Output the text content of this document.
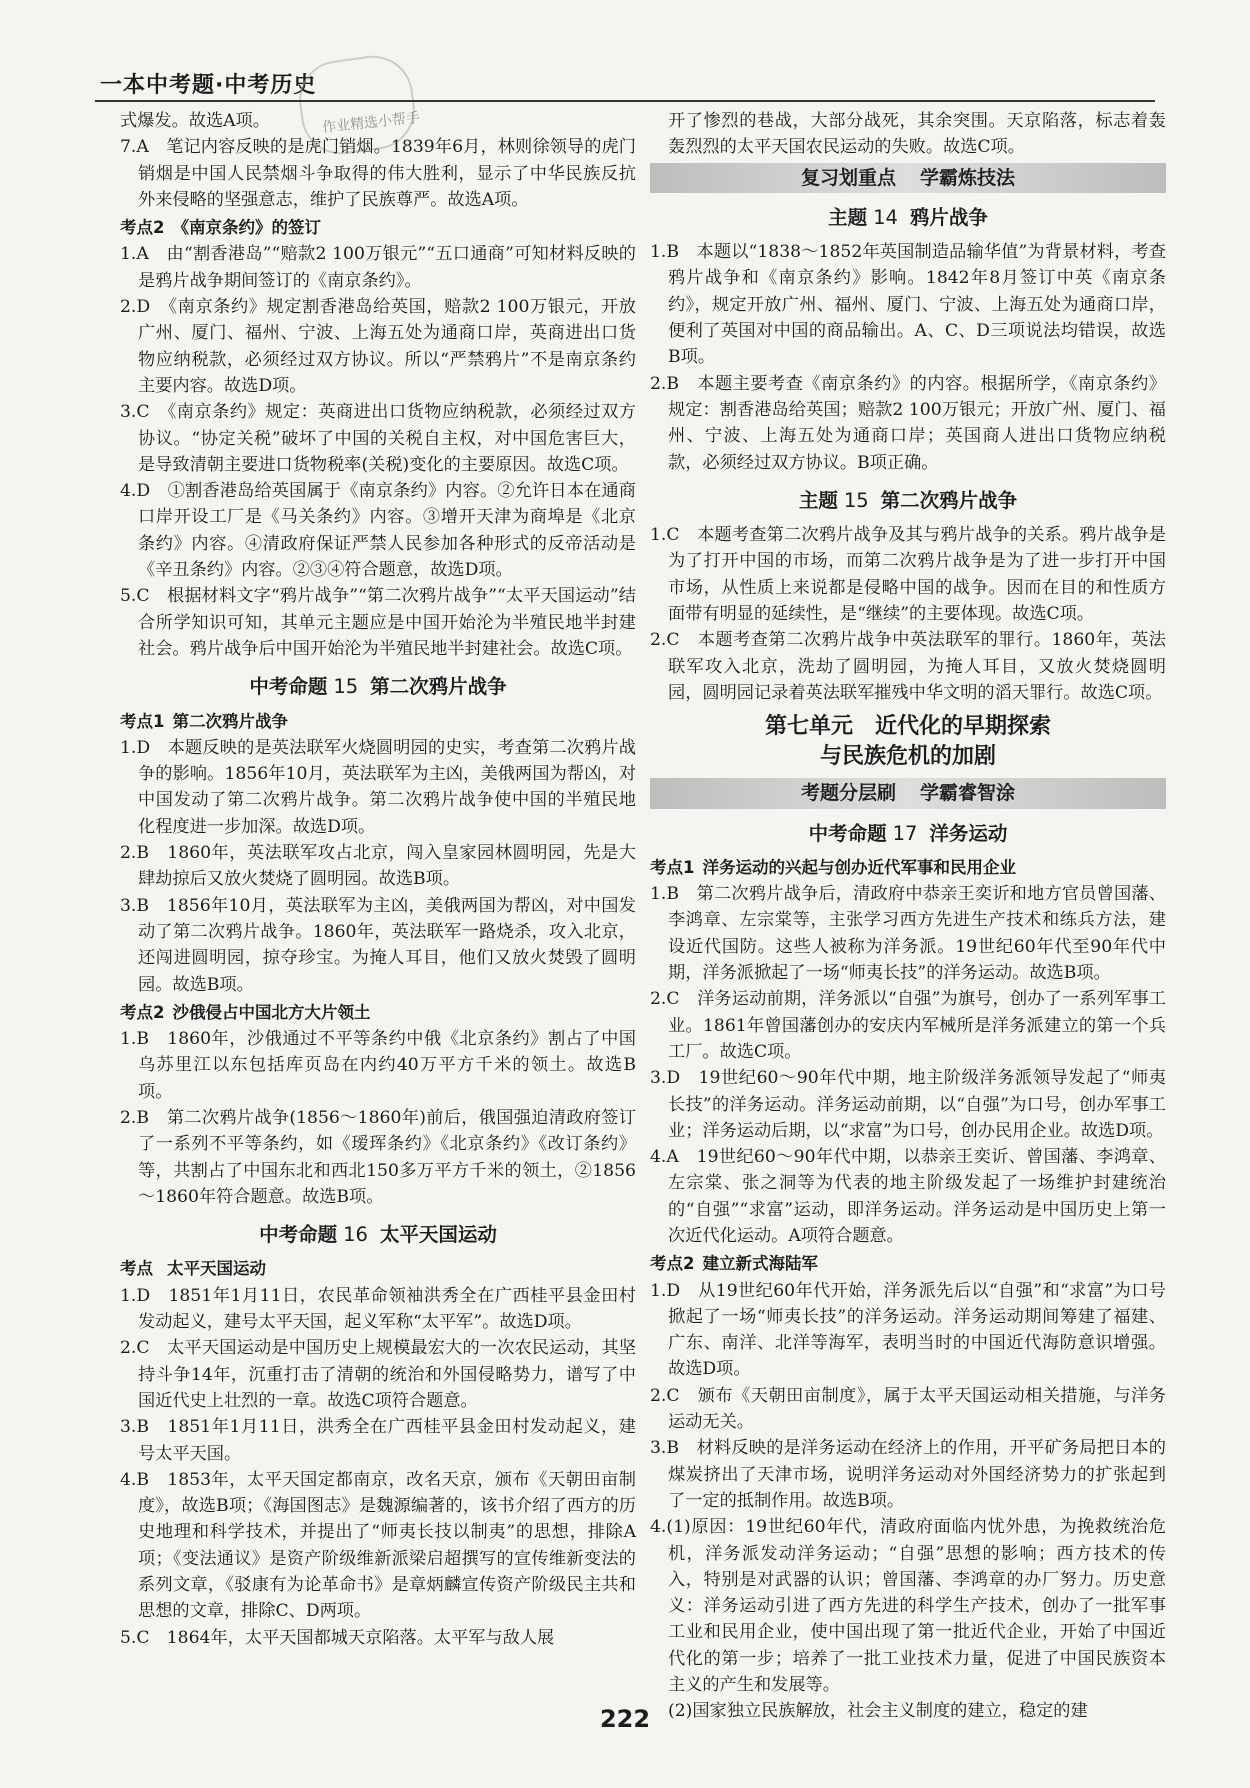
一本中考题·中考历史
作业精选小帮手

式爆发。故选A项。

7.A　笔记内容反映的是虎门销烟。1839年6月，林则徐领导的虎门销烟是中国人民禁烟斗争取得的伟大胜利，显示了中华民族反抗外来侵略的坚强意志，维护了民族尊严。故选A项。

考点2 《南京条约》的签订

1.A　由“割香港岛”“赔款2 100万银元”“五口通商”可知材料反映的是鸦片战争期间签订的《南京条约》。

2.D　《南京条约》规定割香港岛给英国，赔款2 100万银元，开放广州、厦门、福州、宁波、上海五处为通商口岸，英商进出口货物应纳税款，必须经过双方协议。所以“严禁鸦片”不是南京条约主要内容。故选D项。

3.C　《南京条约》规定：英商进出口货物应纳税款，必须经过双方协议。“协定关税”破坏了中国的关税自主权，对中国危害巨大，是导致清朝主要进口货物税率(关税)变化的主要原因。故选C项。

4.D　①割香港岛给英国属于《南京条约》内容。②允许日本在通商口岸开设工厂是《马关条约》内容。③增开天津为商埠是《北京条约》内容。④清政府保证严禁人民参加各种形式的反帝活动是《辛丑条约》内容。②③④符合题意，故选D项。

5.C　根据材料文字“鸦片战争”“第二次鸦片战争”“太平天国运动”结合所学知识可知，其单元主题应是中国开始沦为半殖民地半封建社会。鸦片战争后中国开始沦为半殖民地半封建社会。故选C项。

中考命题 15 第二次鸦片战争
考点1 第二次鸦片战争

1.D　本题反映的是英法联军火烧圆明园的史实，考查第二次鸦片战争的影响。1856年10月，英法联军为主凶，美俄两国为帮凶，对中国发动了第二次鸦片战争。第二次鸦片战争使中国的半殖民地化程度进一步加深。故选D项。

2.B　1860年，英法联军攻占北京，闯入皇家园林圆明园，先是大肆劫掠后又放火焚烧了圆明园。故选B项。

3.B　1856年10月，英法联军为主凶，美俄两国为帮凶，对中国发动了第二次鸦片战争。1860年，英法联军一路烧杀，攻入北京，还闯进圆明园，掠夺珍宝。为掩人耳目，他们又放火焚毁了圆明园。故选B项。

考点2 沙俄侵占中国北方大片领土

1.B　1860年，沙俄通过不平等条约中俄《北京条约》割占了中国乌苏里江以东包括库页岛在内约40万平方千米的领土。故选B项。

2.B　第二次鸦片战争(1856～1860年)前后，俄国强迫清政府签订了一系列不平等条约，如《瑷珲条约》《北京条约》《改订条约》等，共割占了中国东北和西北150多万平方千米的领土，②1856～1860年符合题意。故选B项。

中考命题 16 太平天国运动
考点 太平天国运动

1.D　1851年1月11日，农民革命领袖洪秀全在广西桂平县金田村发动起义，建号太平天国，起义军称“太平军”。故选D项。

2.C　太平天国运动是中国历史上规模最宏大的一次农民运动，其坚持斗争14年，沉重打击了清朝的统治和外国侵略势力，谱写了中国近代史上壮烈的一章。故选C项符合题意。

3.B　1851年1月11日，洪秀全在广西桂平县金田村发动起义，建号太平天国。

4.B　1853年，太平天国定都南京，改名天京，颁布《天朝田亩制度》，故选B项；《海国图志》是魏源编著的，该书介绍了西方的历史地理和科学技术，并提出了“师夷长技以制夷”的思想，排除A项；《变法通议》是资产阶级维新派梁启超撰写的宣传维新变法的系列文章，《驳康有为论革命书》是章炳麟宣传资产阶级民主共和思想的文章，排除C、D两项。

5.C　1864年，太平天国都城天京陷落。太平军与敌人展

开了惨烈的巷战，大部分战死，其余突围。天京陷落，标志着轰轰烈烈的太平天国农民运动的失败。故选C项。

复习划重点 学霸炼技法
主题 14 鸦片战争

1.B　本题以“1838～1852年英国制造品输华值”为背景材料，考查鸦片战争和《南京条约》影响。1842年8月签订中英《南京条约》，规定开放广州、福州、厦门、宁波、上海五处为通商口岸，便利了英国对中国的商品输出。A、C、D三项说法均错误，故选B项。

2.B　本题主要考查《南京条约》的内容。根据所学，《南京条约》规定：割香港岛给英国；赔款2 100万银元；开放广州、厦门、福州、宁波、上海五处为通商口岸；英国商人进出口货物应纳税款，必须经过双方协议。B项正确。

主题 15 第二次鸦片战争

1.C　本题考查第二次鸦片战争及其与鸦片战争的关系。鸦片战争是为了打开中国的市场，而第二次鸦片战争是为了进一步打开中国市场，从性质上来说都是侵略中国的战争。因而在目的和性质方面带有明显的延续性，是“继续”的主要体现。故选C项。

2.C　本题考查第二次鸦片战争中英法联军的罪行。1860年，英法联军攻入北京，洗劫了圆明园，为掩人耳目，又放火焚烧圆明园，圆明园记录着英法联军摧残中华文明的滔天罪行。故选C项。

第七单元　近代化的早期探索
与民族危机的加剧
考题分层刷 学霸睿智涂
中考命题 17 洋务运动
考点1 洋务运动的兴起与创办近代军事和民用企业

1.B　第二次鸦片战争后，清政府中恭亲王奕䜣和地方官员曾国藩、李鸿章、左宗棠等，主张学习西方先进生产技术和练兵方法，建设近代国防。这些人被称为洋务派。19世纪60年代至90年代中期，洋务派掀起了一场“师夷长技”的洋务运动。故选B项。

2.C　洋务运动前期，洋务派以“自强”为旗号，创办了一系列军事工业。1861年曾国藩创办的安庆内军械所是洋务派建立的第一个兵工厂。故选C项。

3.D　19世纪60～90年代中期，地主阶级洋务派领导发起了“师夷长技”的洋务运动。洋务运动前期，以“自强”为口号，创办军事工业；洋务运动后期，以“求富”为口号，创办民用企业。故选D项。

4.A　19世纪60～90年代中期，以恭亲王奕䜣、曾国藩、李鸿章、左宗棠、张之洞等为代表的地主阶级发起了一场维护封建统治的“自强”“求富”运动，即洋务运动。洋务运动是中国历史上第一次近代化运动。A项符合题意。

考点2 建立新式海陆军

1.D　从19世纪60年代开始，洋务派先后以“自强”和“求富”为口号掀起了一场“师夷长技”的洋务运动。洋务运动期间筹建了福建、广东、南洋、北洋等海军，表明当时的中国近代海防意识增强。故选D项。

2.C　颁布《天朝田亩制度》，属于太平天国运动相关措施，与洋务运动无关。

3.B　材料反映的是洋务运动在经济上的作用，开平矿务局把日本的煤炭挤出了天津市场，说明洋务运动对外国经济势力的扩张起到了一定的抵制作用。故选B项。

4.(1)原因：19世纪60年代，清政府面临内忧外患，为挽救统治危机，洋务派发动洋务运动；“自强”思想的影响；西方技术的传入，特别是对武器的认识；曾国藩、李鸿章的办厂努力。历史意义：洋务运动引进了西方先进的科学生产技术，创办了一批军事工业和民用企业，使中国出现了第一批近代企业，开始了中国近代化的第一步；培养了一批工业技术力量，促进了中国民族资本主义的产生和发展等。

(2)国家独立民族解放，社会主义制度的建立，稳定的建

222
